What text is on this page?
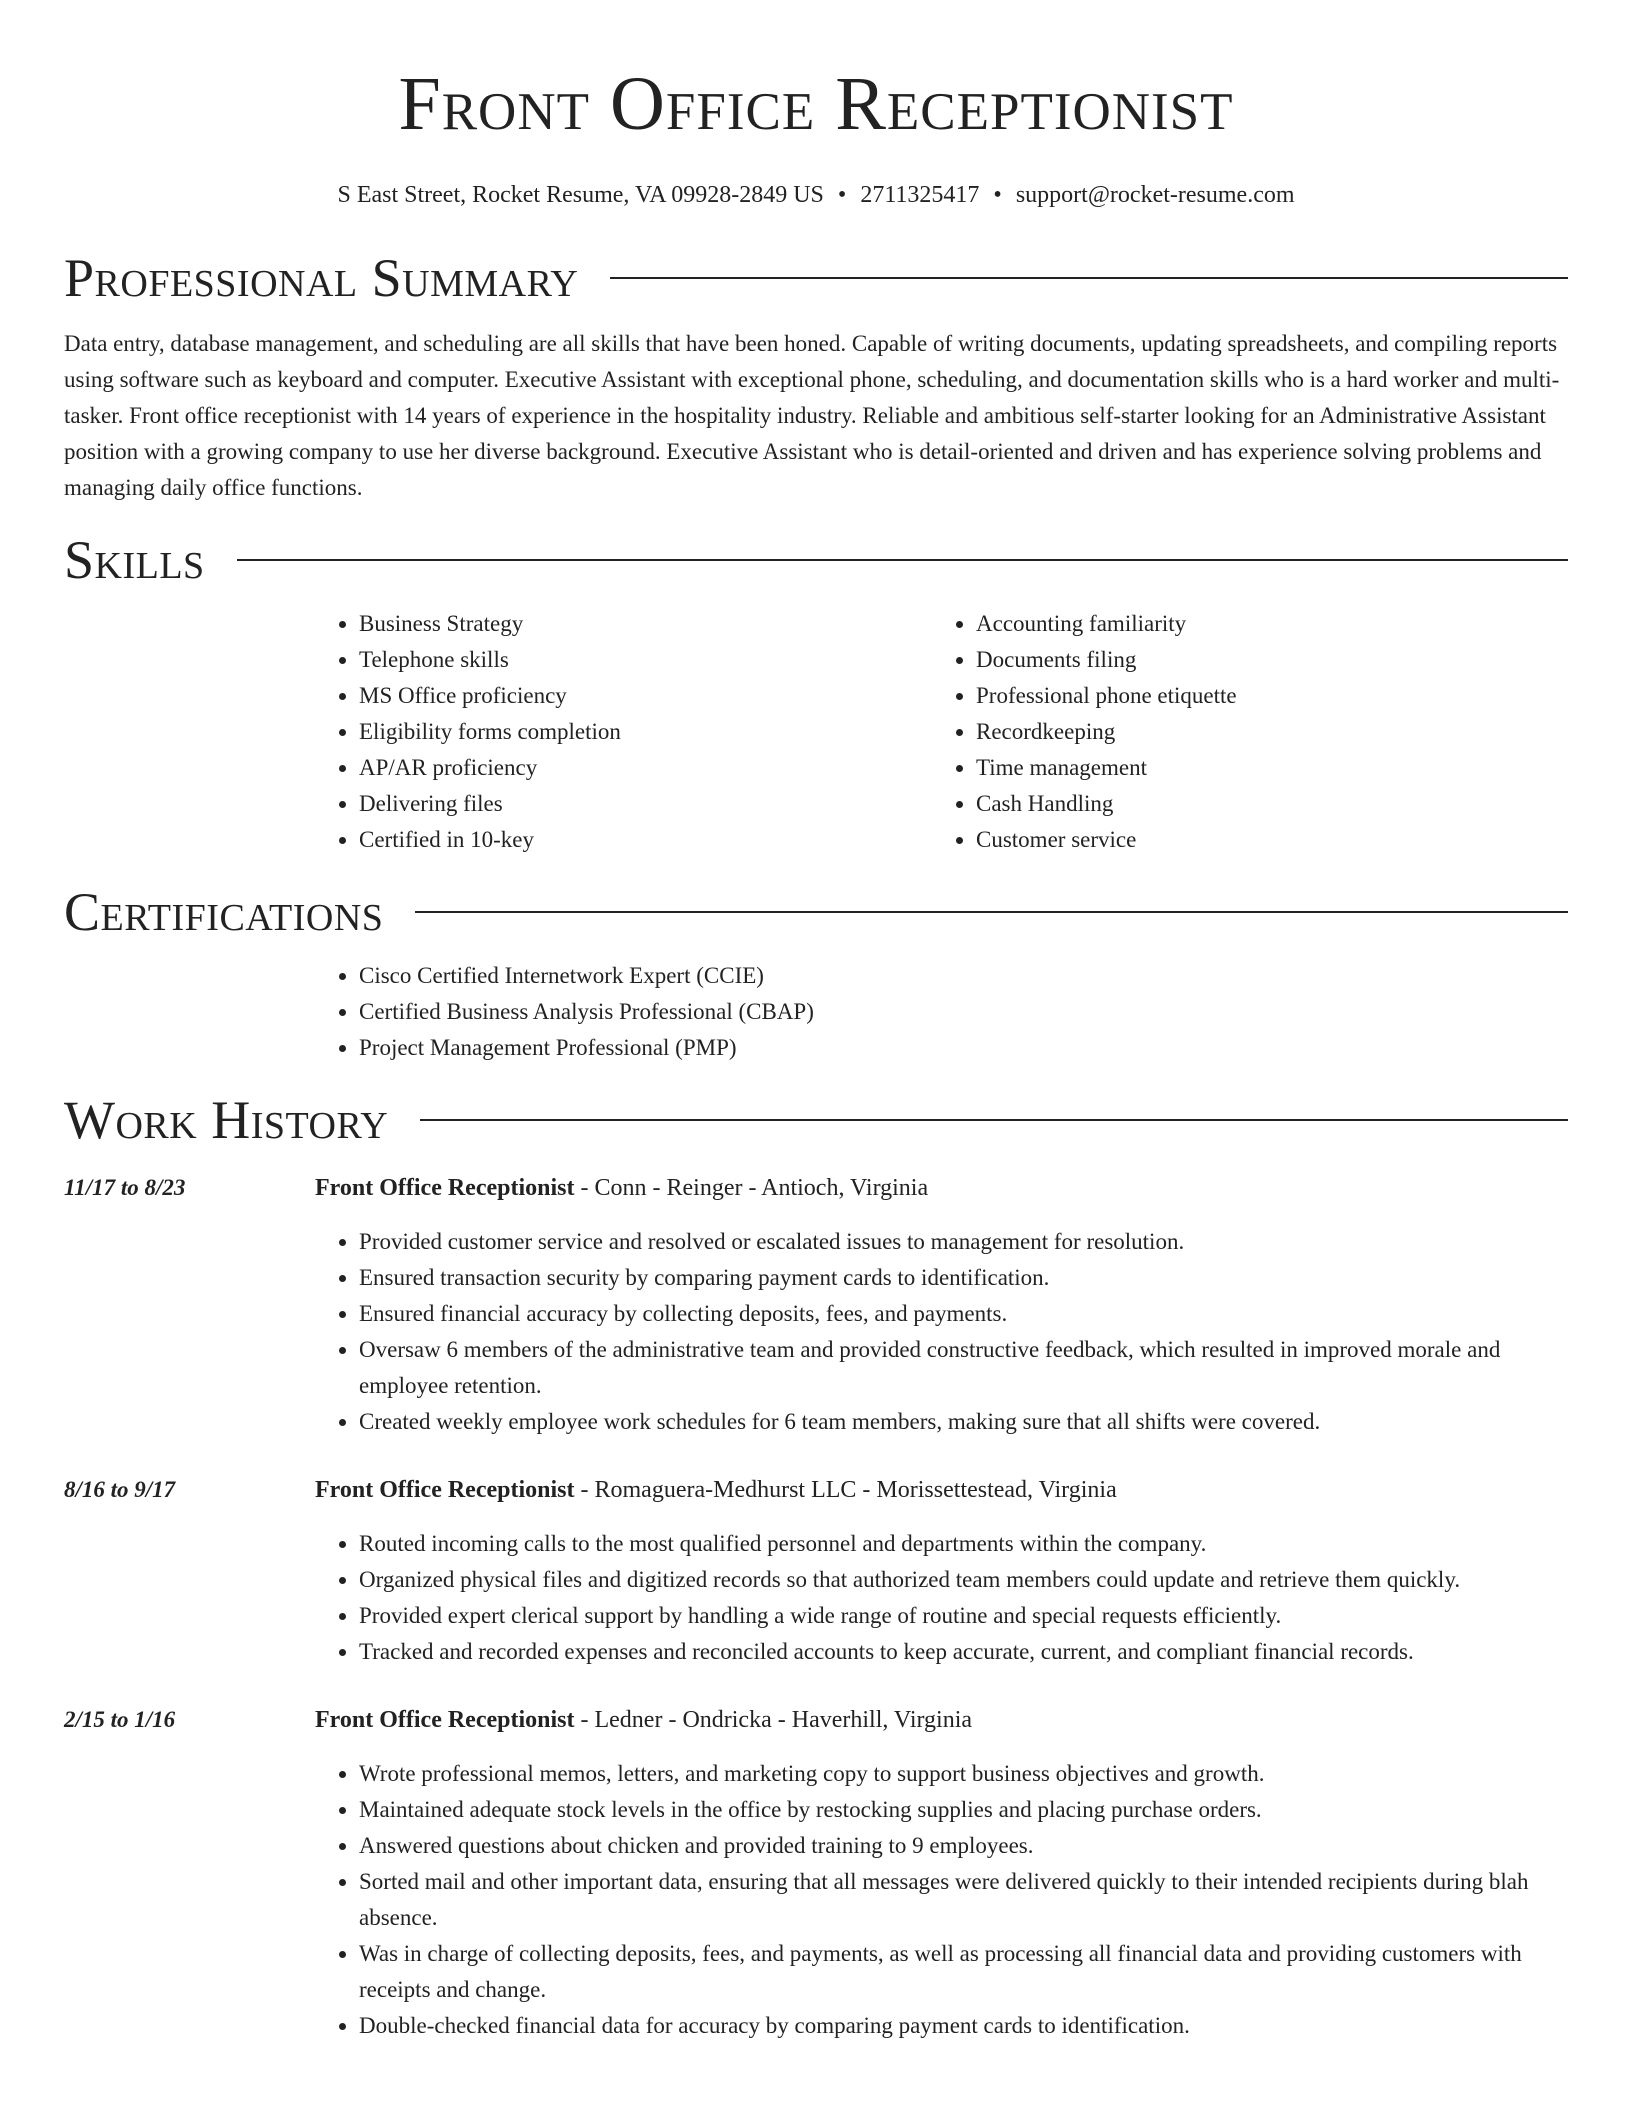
Front Office Receptionist
S East Street, Rocket Resume, VA 09928-2849 US • 2711325417 • support@rocket-resume.com
Professional Summary

Data entry, database management, and scheduling are all skills that have been honed. Capable of writing documents, updating spreadsheets, and compiling reports using software such as keyboard and computer. Executive Assistant with exceptional phone, scheduling, and documentation skills who is a hard worker and multi-tasker. Front office receptionist with 14 years of experience in the hospitality industry. Reliable and ambitious self-starter looking for an Administrative Assistant position with a growing company to use her diverse background. Executive Assistant who is detail-oriented and driven and has experience solving problems and managing daily office functions.

Skills
• Business Strategy
• Telephone skills
• MS Office proficiency
• Eligibility forms completion
• AP/AR proficiency
• Delivering files
• Certified in 10-key
• Accounting familiarity
• Documents filing
• Professional phone etiquette
• Recordkeeping
• Time management
• Cash Handling
• Customer service
Certifications
• Cisco Certified Internetwork Expert (CCIE)
• Certified Business Analysis Professional (CBAP)
• Project Management Professional (PMP)
Work History
11/17 to 8/23	Front Office Receptionist - Conn - Reinger - Antioch, Virginia
• Provided customer service and resolved or escalated issues to management for resolution.
• Ensured transaction security by comparing payment cards to identification.
• Ensured financial accuracy by collecting deposits, fees, and payments.
• Oversaw 6 members of the administrative team and provided constructive feedback, which resulted in improved morale and employee retention.
• Created weekly employee work schedules for 6 team members, making sure that all shifts were covered.
8/16 to 9/17	Front Office Receptionist - Romaguera-Medhurst LLC - Morissettestead, Virginia
• Routed incoming calls to the most qualified personnel and departments within the company.
• Organized physical files and digitized records so that authorized team members could update and retrieve them quickly.
• Provided expert clerical support by handling a wide range of routine and special requests efficiently.
• Tracked and recorded expenses and reconciled accounts to keep accurate, current, and compliant financial records.
2/15 to 1/16	Front Office Receptionist - Ledner - Ondricka - Haverhill, Virginia
• Wrote professional memos, letters, and marketing copy to support business objectives and growth.
• Maintained adequate stock levels in the office by restocking supplies and placing purchase orders.
• Answered questions about chicken and provided training to 9 employees.
• Sorted mail and other important data, ensuring that all messages were delivered quickly to their intended recipients during blah absence.
• Was in charge of collecting deposits, fees, and payments, as well as processing all financial data and providing customers with receipts and change.
• Double-checked financial data for accuracy by comparing payment cards to identification.
